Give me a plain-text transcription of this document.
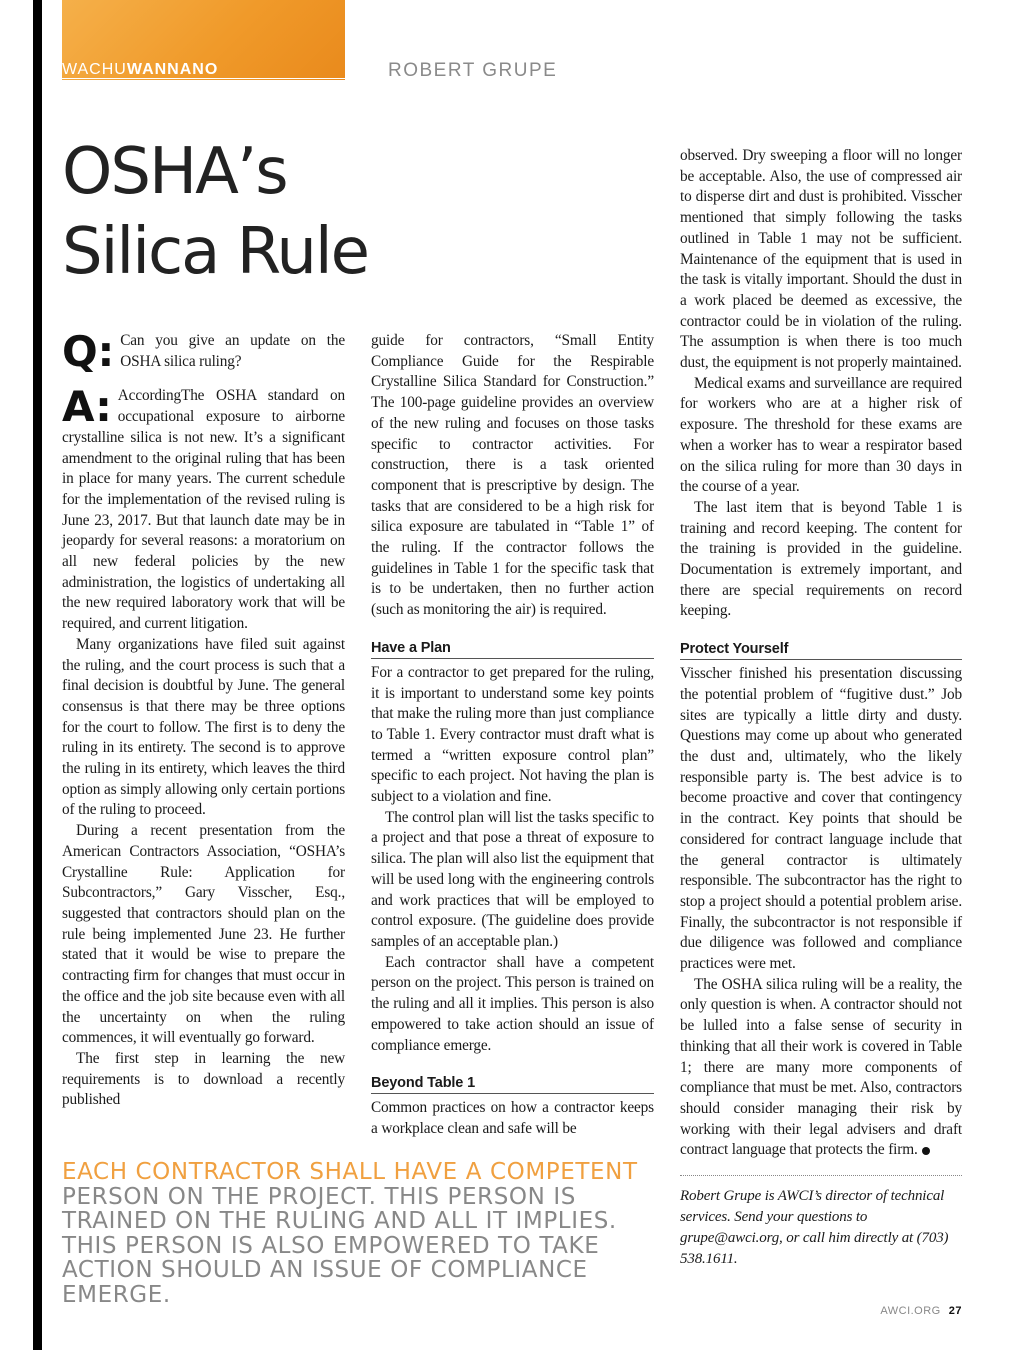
WACHUWANNANO	ROBERT GRUPE
OSHA’s
Silica Rule
Q: Can you give an update on the OSHA silica ruling?

A: AccordingThe OSHA standard on occupational exposure to airborne crystalline silica is not new. It’s a significant amendment to the original ruling that has been in place for many years. The current schedule for the implementation of the revised ruling is June 23, 2017. But that launch date may be in jeopardy for several reasons: a moratorium on all new federal policies by the new administration, the logistics of undertaking all the new required laboratory work that will be required, and current litigation.

Many organizations have filed suit against the ruling, and the court process is such that a final decision is doubtful by June. The general consensus is that there may be three options for the court to follow. The first is to deny the ruling in its entirety. The second is to approve the ruling in its entirety, which leaves the third option as simply allowing only certain portions of the ruling to proceed.

During a recent presentation from the American Contractors Association, “OSHA’s Crystalline Rule: Application for Subcontractors,” Gary Visscher, Esq., suggested that contractors should plan on the rule being implemented June 23. He further stated that it would be wise to prepare the contracting firm for changes that must occur in the office and the job site because even with all the uncertainty on when the ruling commences, it will eventually go forward.

The first step in learning the new requirements is to download a recently published

guide for contractors, “Small Entity Compliance Guide for the Respirable Crystalline Silica Standard for Construction.” The 100-page guideline provides an overview of the new ruling and focuses on those tasks specific to contractor activities. For construction, there is a task oriented component that is prescriptive by design. The tasks that are considered to be a high risk for silica exposure are tabulated in “Table 1” of the ruling. If the contractor follows the guidelines in Table 1 for the specific task that is to be undertaken, then no further action (such as monitoring the air) is required.

Have a Plan

For a contractor to get prepared for the ruling, it is important to understand some key points that make the ruling more than just compliance to Table 1. Every contractor must draft what is termed a “written exposure control plan” specific to each project. Not having the plan is subject to a violation and fine.

The control plan will list the tasks specific to a project and that pose a threat of exposure to silica. The plan will also list the equipment that will be used long with the engineering controls and work practices that will be employed to control exposure. (The guideline does provide samples of an acceptable plan.)

Each contractor shall have a competent person on the project. This person is trained on the ruling and all it implies. This person is also empowered to take action should an issue of compliance emerge.

Beyond Table 1

Common practices on how a contractor keeps a workplace clean and safe will be

observed. Dry sweeping a floor will no longer be acceptable. Also, the use of compressed air to disperse dirt and dust is prohibited. Visscher mentioned that simply following the tasks outlined in Table 1 may not be sufficient. Maintenance of the equipment that is used in the task is vitally important. Should the dust in a work placed be deemed as excessive, the contractor could be in violation of the ruling. The assumption is when there is too much dust, the equipment is not properly maintained.

Medical exams and surveillance are required for workers who are at a higher risk of exposure. The threshold for these exams are when a worker has to wear a respirator based on the silica ruling for more than 30 days in the course of a year.

The last item that is beyond Table 1 is training and record keeping. The content for the training is provided in the guideline. Documentation is extremely important, and there are special requirements on record keeping.

Protect Yourself

Visscher finished his presentation discussing the potential problem of “fugitive dust.” Job sites are typically a little dirty and dusty. Questions may come up about who generated the dust and, ultimately, who the likely responsible party is. The best advice is to become proactive and cover that contingency in the contract. Key points that should be considered for contract language include that the general contractor is ultimately responsible. The subcontractor has the right to stop a project should a potential problem arise. Finally, the subcontractor is not responsible if due diligence was followed and compliance practices were met.

The OSHA silica ruling will be a reality, the only question is when. A contractor should not be lulled into a false sense of security in thinking that all their work is covered in Table 1; there are many more components of compliance that must be met. Also, contractors should consider managing their risk by working with their legal advisers and draft contract language that protects the firm.

Robert Grupe is AWCI’s director of technical services. Send your questions to grupe@awci.org, or call him directly at (703) 538.1611.

EACH CONTRACTOR SHALL HAVE A COMPETENT PERSON ON THE PROJECT. THIS PERSON IS TRAINED ON THE RULING AND ALL IT IMPLIES. THIS PERSON IS ALSO EMPOWERED TO TAKE ACTION SHOULD AN ISSUE OF COMPLIANCE EMERGE.

AWCI.ORG 27
